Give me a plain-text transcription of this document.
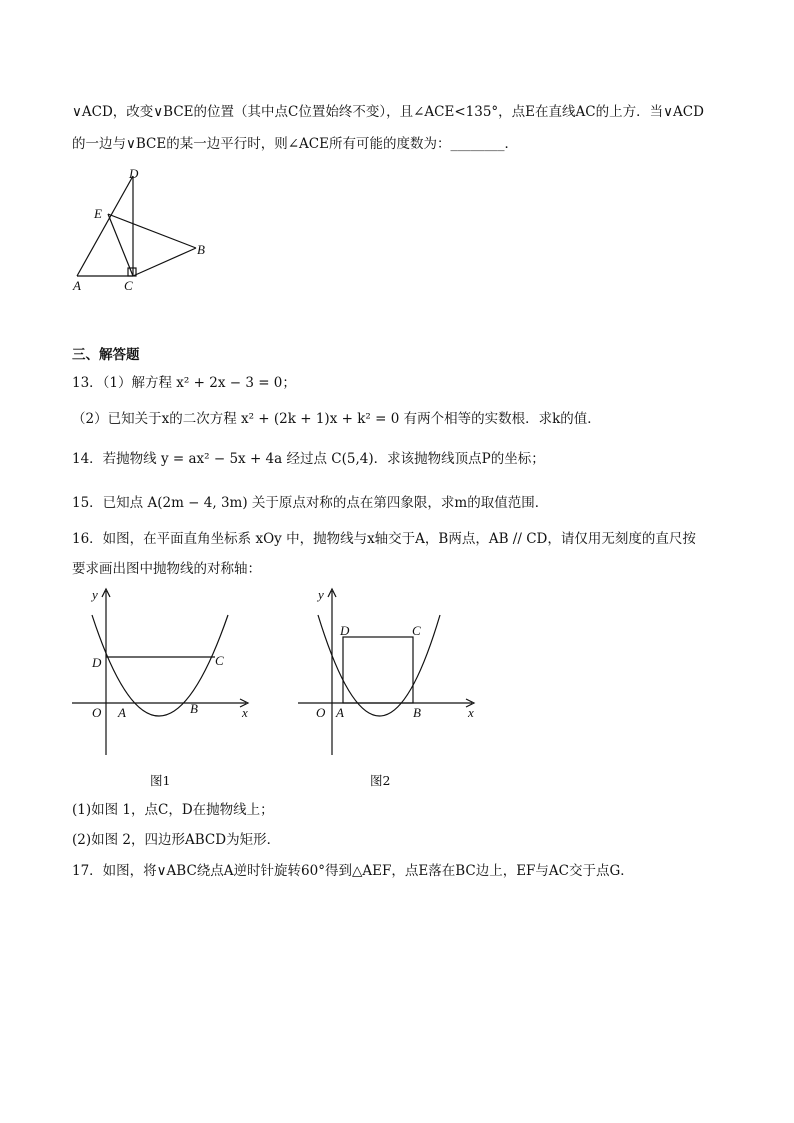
∨ACD，改变∨BCE的位置（其中点C位置始终不变），且∠ACE<135°，点E在直线AC的上方．当∨ACD
的一边与∨BCE的某一边平行时，则∠ACE所有可能的度数为：________．
D
E
B
A	C
三、解答题
13．（1）解方程 x² + 2x − 3 = 0；
（2）已知关于x的二次方程 x² + (2k + 1)x + k² = 0 有两个相等的实数根．求k的值．
14．若抛物线 y = ax² − 5x + 4a 经过点 C(5,4)．求该抛物线顶点P的坐标；
15．已知点 A(2m − 4, 3m) 关于原点对称的点在第四象限，求m的取值范围．
16．如图，在平面直角坐标系 xOy 中，抛物线与x轴交于A，B两点，AB // CD，请仅用无刻度的直尺按
要求画出图中抛物线的对称轴：
y
D	C
O A	B	x
图1
y
D	C
O A	B	x
图2
(1)如图 1，点C，D在抛物线上；
(2)如图 2，四边形ABCD为矩形．
17．如图，将∨ABC绕点A逆时针旋转60°得到△AEF，点E落在BC边上，EF与AC交于点G．
